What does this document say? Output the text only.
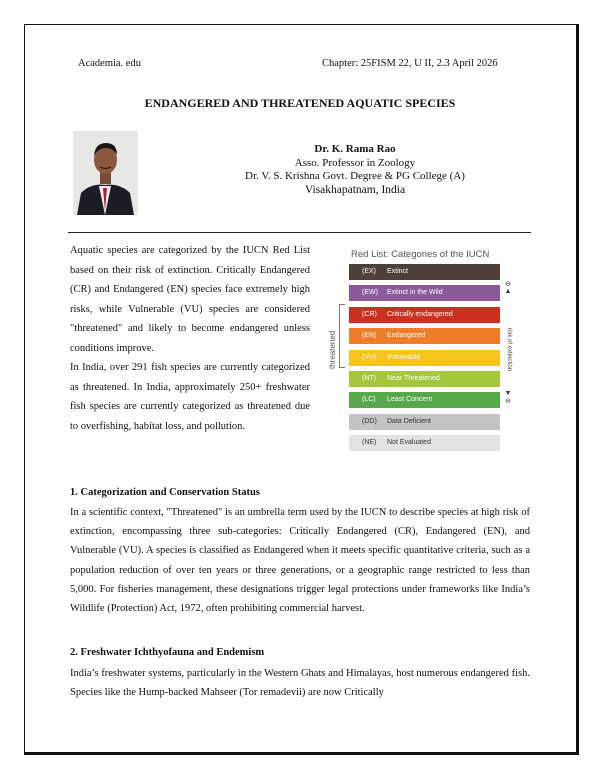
Academia. edu	Chapter: 25FISM 22, U II, 2.3 April 2026
ENDANGERED AND THREATENED AQUATIC SPECIES
Dr. K. Rama Rao
Asso. Professor in Zoology
Dr. V. S. Krishna Govt. Degree & PG College (A)
Visakhapatnam, India

Aquatic species are categorized by the IUCN Red List based on their risk of extinction. Critically Endangered (CR) and Endangered (EN) species face extremely high risks, while Vulnerable (VU) species are considered "threatened" and likely to become endangered unless conditions improve.

In India, over 291 fish species are currently categorized as threatened. In India, approximately 250+ freshwater fish species are currently categorized as threatened due to overfishing, habitat loss, and pollution.

Red List: Categories of the IUCN
threatened
(EX) Extinct
(EW) Extinct in the Wild
(CR) Critically endangered
(EN) Endangered
(VU) Vulnerable
(NT) Near Threatened
(LC) Least Concern
(DD) Data Deficient
(NE) Not Evaluated
⊖
▲
risk of extinction
▼
⊖
1. Categorization and Conservation Status

In a scientific context, "Threatened" is an umbrella term used by the IUCN to describe species at high risk of extinction, encompassing three sub-categories: Critically Endangered (CR), Endangered (EN), and Vulnerable (VU). A species is classified as Endangered when it meets specific quantitative criteria, such as a population reduction of over ten years or three generations, or a geographic range restricted to less than 5,000. For fisheries management, these designations trigger legal protections under frameworks like India’s Wildlife (Protection) Act, 1972, often prohibiting commercial harvest.

2. Freshwater Ichthyofauna and Endemism

India’s freshwater systems, particularly in the Western Ghats and Himalayas, host numerous endangered fish. Species like the Hump-backed Mahseer (Tor remadevii) are now Critically
